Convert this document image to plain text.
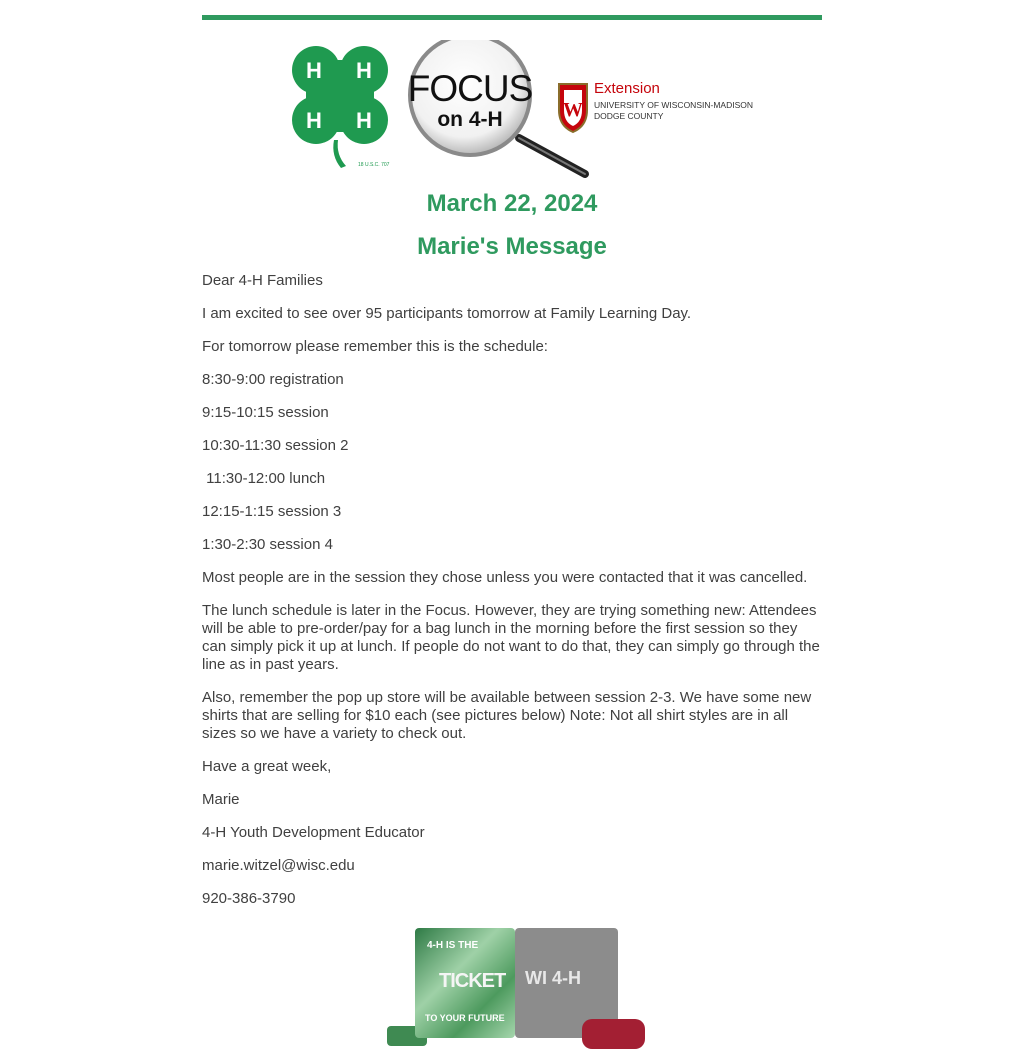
H H
H H
18 U.S.C. 707
FOCUS
on 4-H	W
Extension
UNIVERSITY OF WISCONSIN-MADISON
DODGE COUNTY
March 22, 2024
Marie's Message

Dear 4-H Families

I am excited to see over 95 participants tomorrow at Family Learning Day.

For tomorrow please remember this is the schedule:

8:30-9:00 registration

9:15-10:15 session

10:30-11:30 session 2

11:30-12:00 lunch

12:15-1:15 session 3

1:30-2:30 session 4

Most people are in the session they chose unless you were contacted that it was cancelled.

The lunch schedule is later in the Focus. However, they are trying something new: Attendees will be able to pre-order/pay for a bag lunch in the morning before the first session so they can simply pick it up at lunch. If people do not want to do that, they can simply go through the line as in past years.

Also, remember the pop up store will be available between session 2-3. We have some new shirts that are selling for $10 each (see pictures below) Note: Not all shirt styles are in all sizes so we have a variety to check out.

Have a great week,

Marie

4-H Youth Development Educator

marie.witzel@wisc.edu

920-386-3790

4-H IS THE
TICKET
TO YOUR FUTURE
WI 4-H
